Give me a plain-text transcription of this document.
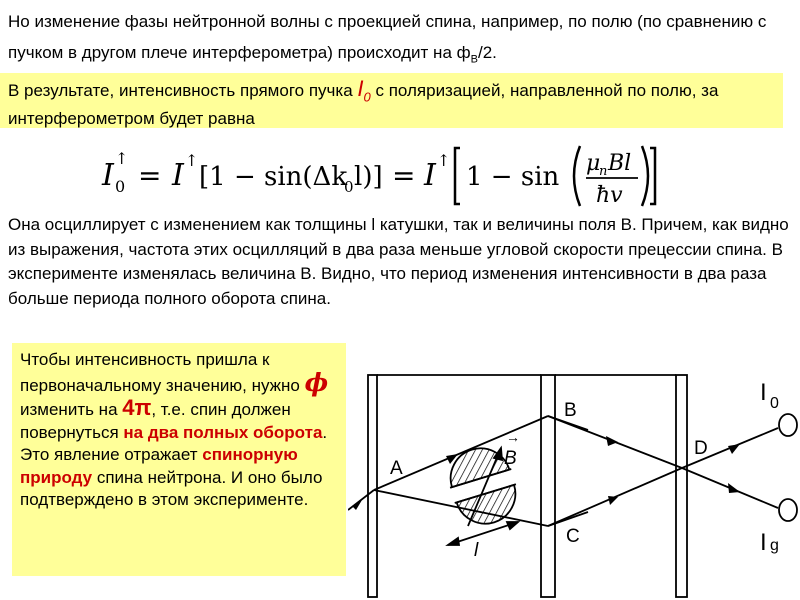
Но изменение фазы нейтронной волны с проекцией спина, например, по полю (по сравнению с пучком в другом плече интерферометра) происходит на $ф_B/2$.
В результате, интенсивность прямого пучка $I_0$ с поляризацией, направленной по полю, за интерферометром будет равна
I ↑
0 = I ↑
[1 − sin(Δk
0 l)] = I ↑
1 − sin μ
n Bl
ħv
Она осциллирует с изменением как толщины l катушки, так и величины поля B. Причем, как видно из выражения, частота этих осцилляций в два раза меньше угловой скорости прецессии спина. В эксперименте изменялась величина B. Видно, что период изменения интенсивности в два раза больше периода полного оборота спина.
Чтобы интенсивность пришла к первоначальному значению, нужно ϕ изменить на 4π, т.е. спин должен повернуться на два полных оборота. Это явление отражает спинорную природу спина нейтрона. И оно было подтверждено в этом эксперименте.
A
B
C
D
I 0
I g
B
→
l
